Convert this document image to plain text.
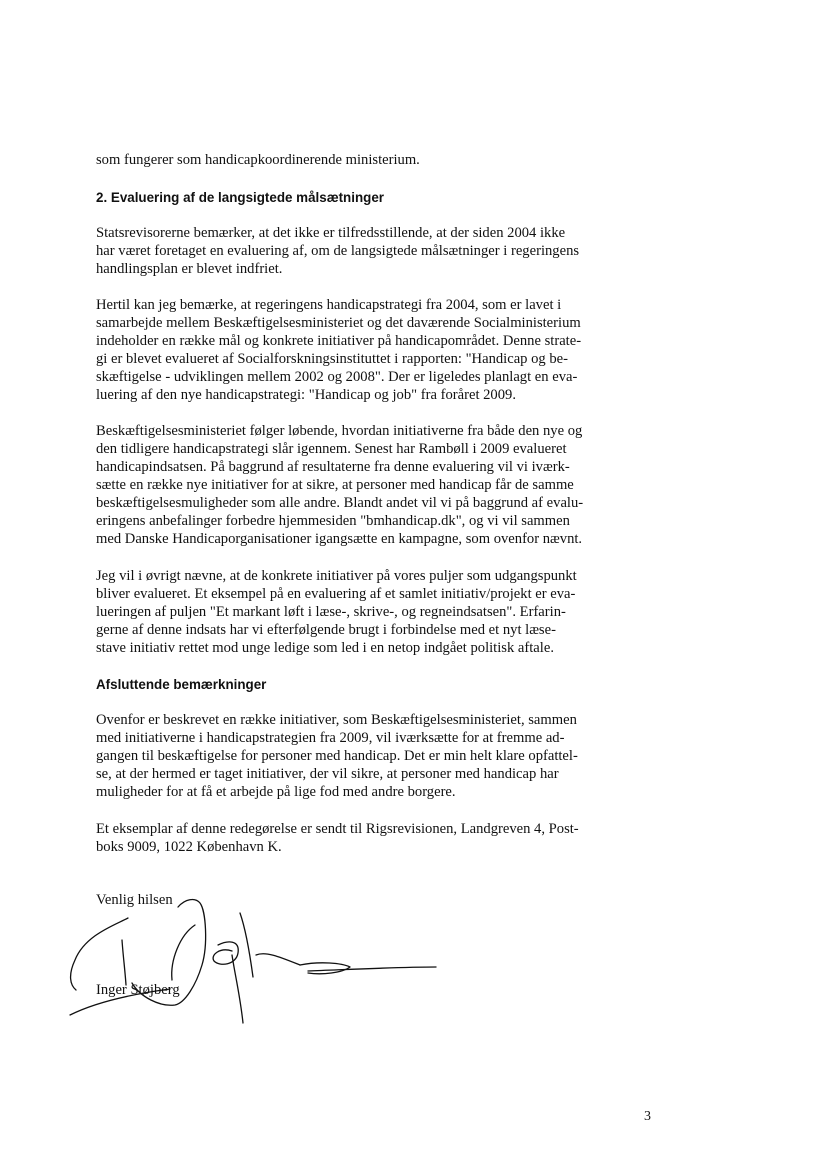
som fungerer som handicapkoordinerende ministerium.
2. Evaluering af de langsigtede målsætninger
Statsrevisorerne bemærker, at det ikke er tilfredsstillende, at der siden 2004 ikke
har været foretaget en evaluering af, om de langsigtede målsætninger i regeringens
handlingsplan er blevet indfriet.
Hertil kan jeg bemærke, at regeringens handicapstrategi fra 2004, som er lavet i
samarbejde mellem Beskæftigelsesministeriet og det daværende Socialministerium
indeholder en række mål og konkrete initiativer på handicapområdet. Denne strate-
gi er blevet evalueret af Socialforskningsinstituttet i rapporten: "Handicap og be-
skæftigelse - udviklingen mellem 2002 og 2008". Der er ligeledes planlagt en eva-
luering af den nye handicapstrategi: "Handicap og job" fra foråret 2009.
Beskæftigelsesministeriet følger løbende, hvordan initiativerne fra både den nye og
den tidligere handicapstrategi slår igennem. Senest har Rambøll i 2009 evalueret
handicapindsatsen. På baggrund af resultaterne fra denne evaluering vil vi iværk-
sætte en række nye initiativer for at sikre, at personer med handicap får de samme
beskæftigelsesmuligheder som alle andre. Blandt andet vil vi på baggrund af evalu-
eringens anbefalinger forbedre hjemmesiden "bmhandicap.dk", og vi vil sammen
med Danske Handicaporganisationer igangsætte en kampagne, som ovenfor nævnt.
Jeg vil i øvrigt nævne, at de konkrete initiativer på vores puljer som udgangspunkt
bliver evalueret. Et eksempel på en evaluering af et samlet initiativ/projekt er eva-
lueringen af puljen "Et markant løft i læse-, skrive-, og regneindsatsen". Erfarin-
gerne af denne indsats har vi efterfølgende brugt i forbindelse med et nyt læse-
stave initiativ rettet mod unge ledige som led i en netop indgået politisk aftale.
Afsluttende bemærkninger
Ovenfor er beskrevet en række initiativer, som Beskæftigelsesministeriet, sammen
med initiativerne i handicapstrategien fra 2009, vil iværksætte for at fremme ad-
gangen til beskæftigelse for personer med handicap. Det er min helt klare opfattel-
se, at der hermed er taget initiativer, der vil sikre, at personer med handicap har
muligheder for at få et arbejde på lige fod med andre borgere.
Et eksemplar af denne redegørelse er sendt til Rigsrevisionen, Landgreven 4, Post-
boks 9009, 1022 København K.
Venlig hilsen
Inger Støjberg
3
